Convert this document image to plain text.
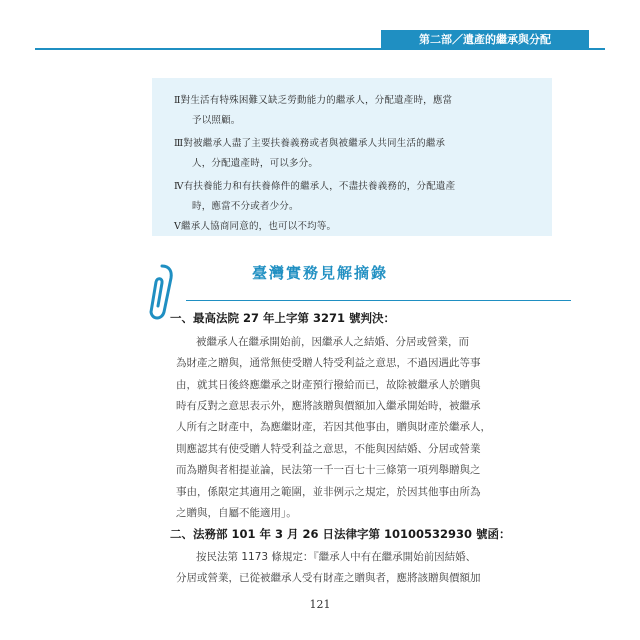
第二部／遺產的繼承與分配
Ⅱ對生活有特殊困難又缺乏勞動能力的繼承人，分配遺產時，應當
予以照顧。
Ⅲ對被繼承人盡了主要扶養義務或者與被繼承人共同生活的繼承
人，分配遺產時，可以多分。
Ⅳ有扶養能力和有扶養條件的繼承人，不盡扶養義務的，分配遺產
時，應當不分或者少分。
Ⅴ繼承人協商同意的，也可以不均等。
臺灣實務見解摘錄
一、最高法院 27 年上字第 3271 號判決：
被繼承人在繼承開始前，因繼承人之結婚、分居或營業，而
為財產之贈與，通常無使受贈人特受利益之意思，不過因遇此等事
由，就其日後終應繼承之財產預行撥給而已，故除被繼承人於贈與
時有反對之意思表示外，應將該贈與價額加入繼承開始時，被繼承
人所有之財產中，為應繼財產，若因其他事由，贈與財產於繼承人，
則應認其有使受贈人特受利益之意思，不能與因結婚、分居或營業
而為贈與者相提並論，民法第一千一百七十三條第一項列舉贈與之
事由，係限定其適用之範圍，並非例示之規定，於因其他事由所為
之贈與，自屬不能適用」。
二、法務部 101 年 3 月 26 日法律字第 10100532930 號函：
按民法第 1173 條規定：『繼承人中有在繼承開始前因結婚、
分居或營業，已從被繼承人受有財產之贈與者，應將該贈與價額加
121
